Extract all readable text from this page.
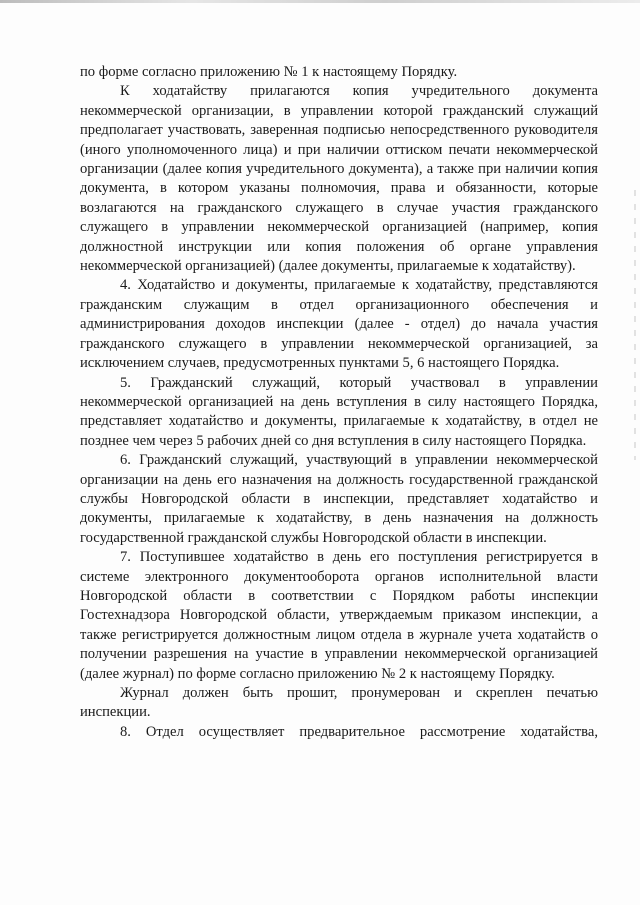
по форме согласно приложению № 1 к настоящему Порядку.

К ходатайству прилагаются копия учредительного документа некоммерческой организации, в управлении которой гражданский служащий предполагает участвовать, заверенная подписью непосредственного руководителя (иного уполномоченного лица) и при наличии оттиском печати некоммерческой организации (далее копия учредительного документа), а также при наличии копия документа, в котором указаны полномочия, права и обязанности, которые возлагаются на гражданского служащего в случае участия гражданского служащего в управлении некоммерческой организацией (например, копия должностной инструкции или копия положения об органе управления некоммерческой организацией) (далее документы, прилагаемые к ходатайству).

4. Ходатайство и документы, прилагаемые к ходатайству, представляются гражданским служащим в отдел организационного обеспечения и администрирования доходов инспекции (далее - отдел) до начала участия гражданского служащего в управлении некоммерческой организацией, за исключением случаев, предусмотренных пунктами 5, 6 настоящего Порядка.

5. Гражданский служащий, который участвовал в управлении некоммерческой организацией на день вступления в силу настоящего Порядка, представляет ходатайство и документы, прилагаемые к ходатайству, в отдел не позднее чем через 5 рабочих дней со дня вступления в силу настоящего Порядка.

6. Гражданский служащий, участвующий в управлении некоммерческой организации на день его назначения на должность государственной гражданской службы Новгородской области в инспекции, представляет ходатайство и документы, прилагаемые к ходатайству, в день назначения на должность государственной гражданской службы Новгородской области в инспекции.

7. Поступившее ходатайство в день его поступления регистрируется в системе электронного документооборота органов исполнительной власти Новгородской области в соответствии с Порядком работы инспекции Гостехнадзора Новгородской области, утверждаемым приказом инспекции, а также регистрируется должностным лицом отдела в журнале учета ходатайств о получении разрешения на участие в управлении некоммерческой организацией (далее журнал) по форме согласно приложению № 2 к настоящему Порядку.

Журнал должен быть прошит, пронумерован и скреплен печатью инспекции.

8. Отдел осуществляет предварительное рассмотрение ходатайства,
